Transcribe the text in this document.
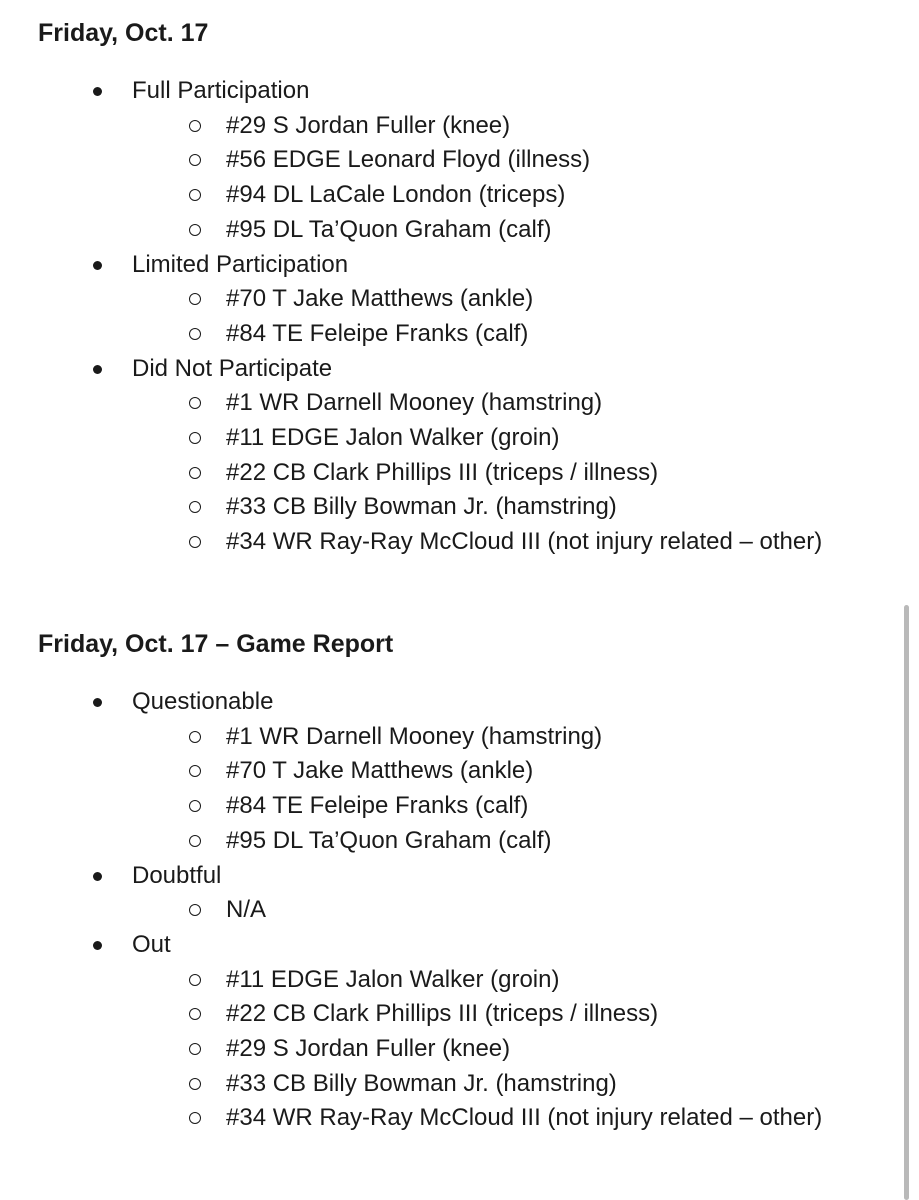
Friday, Oct. 17
Full Participation
#29 S Jordan Fuller (knee)
#56 EDGE Leonard Floyd (illness)
#94 DL LaCale London (triceps)
#95 DL Ta’Quon Graham (calf)
Limited Participation
#70 T Jake Matthews (ankle)
#84 TE Feleipe Franks (calf)
Did Not Participate
#1 WR Darnell Mooney (hamstring)
#11 EDGE Jalon Walker (groin)
#22 CB Clark Phillips III (triceps / illness)
#33 CB Billy Bowman Jr. (hamstring)
#34 WR Ray-Ray McCloud III (not injury related – other)
Friday, Oct. 17 – Game Report
Questionable
#1 WR Darnell Mooney (hamstring)
#70 T Jake Matthews (ankle)
#84 TE Feleipe Franks (calf)
#95 DL Ta’Quon Graham (calf)
Doubtful
N/A
Out
#11 EDGE Jalon Walker (groin)
#22 CB Clark Phillips III (triceps / illness)
#29 S Jordan Fuller (knee)
#33 CB Billy Bowman Jr. (hamstring)
#34 WR Ray-Ray McCloud III (not injury related – other)
